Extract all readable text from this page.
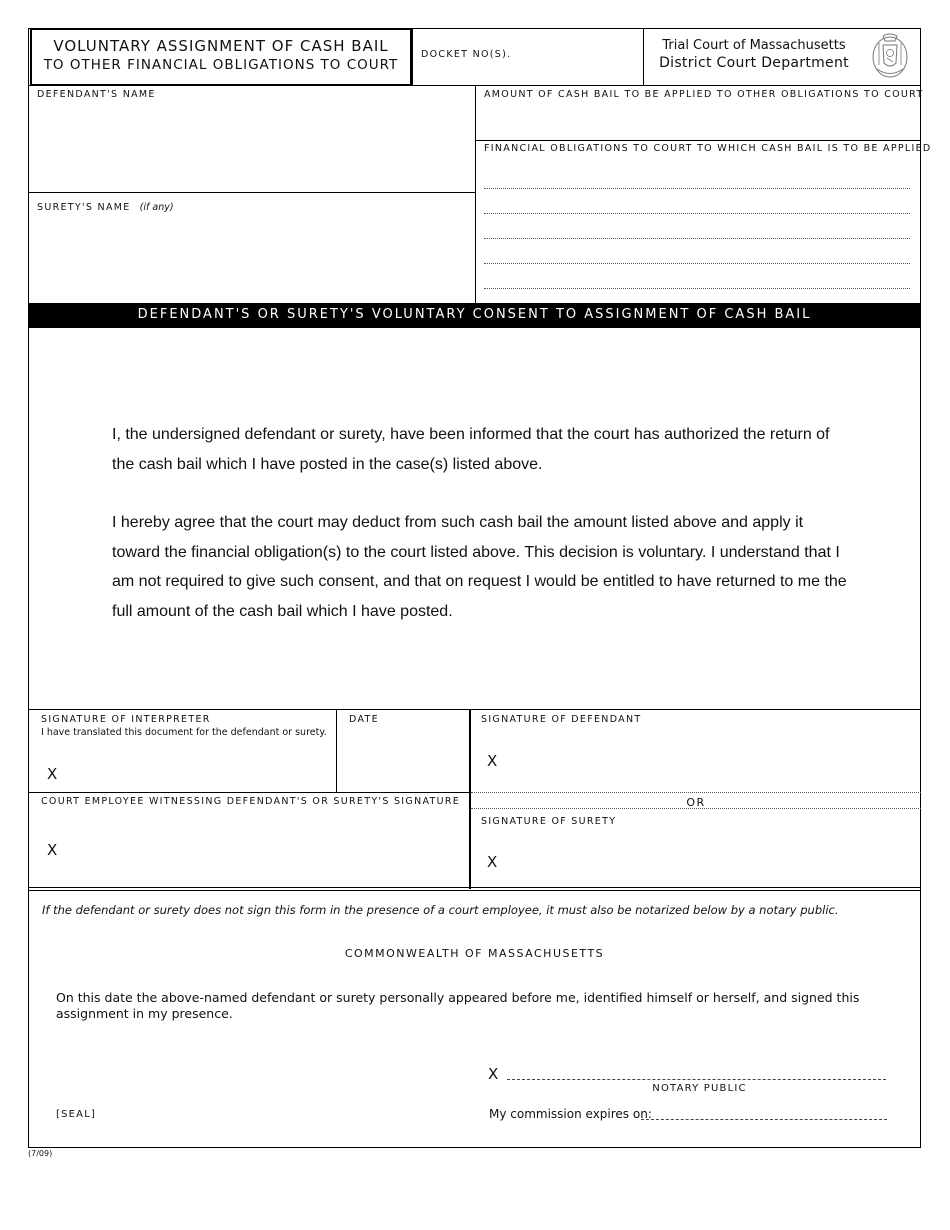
VOLUNTARY ASSIGNMENT OF CASH BAIL
TO OTHER FINANCIAL OBLIGATIONS TO COURT
DOCKET NO(S).
Trial Court of Massachusetts
District Court Department
DEFENDANT'S NAME
SURETY'S NAME (if any)
AMOUNT OF CASH BAIL TO BE APPLIED TO OTHER OBLIGATIONS TO COURT
FINANCIAL OBLIGATIONS TO COURT TO WHICH CASH BAIL IS TO BE APPLIED
DEFENDANT'S OR SURETY'S VOLUNTARY CONSENT TO ASSIGNMENT OF CASH BAIL
I, the undersigned defendant or surety, have been informed that the court has authorized the return of the cash bail which I have posted in the case(s) listed above.
I hereby agree that the court may deduct from such cash bail the amount listed above and apply it toward the financial obligation(s) to the court listed above. This decision is voluntary. I understand that I am not required to give such consent, and that on request I would be entitled to have returned to me the full amount of the cash bail which I have posted.
SIGNATURE OF INTERPRETER
I have translated this document for the defendant or surety.
X
DATE
COURT EMPLOYEE WITNESSING DEFENDANT'S OR SURETY'S SIGNATURE
X
SIGNATURE OF DEFENDANT
X
OR
SIGNATURE OF SURETY
X
If the defendant or surety does not sign this form in the presence of a court employee, it must also be notarized below by a notary public.
COMMONWEALTH OF MASSACHUSETTS
On this date the above-named defendant or surety personally appeared before me, identified himself or herself, and signed this assignment in my presence.
X
NOTARY PUBLIC
[SEAL]	My commission expires on:
(7/09)
